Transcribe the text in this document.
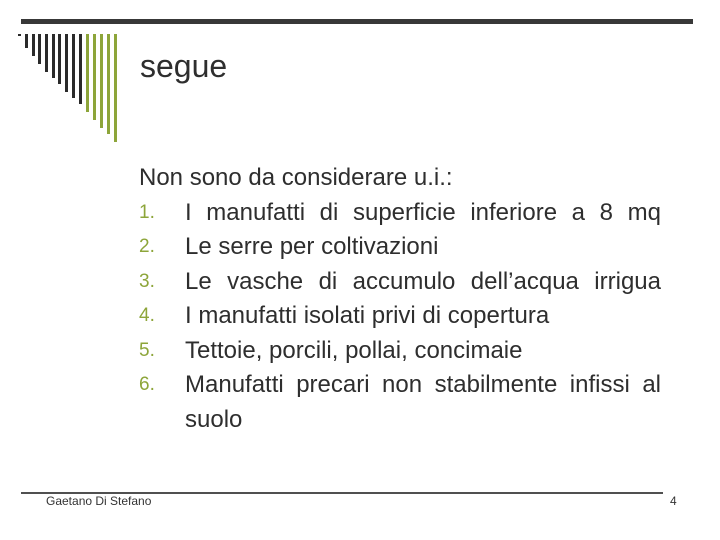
segue
Non sono da considerare u.i.:
1.	I manufatti di superficie inferiore a 8 mq
2.	Le serre per coltivazioni
3.	Le vasche di accumulo dell’acqua irrigua
4.	I manufatti isolati privi di copertura
5.	Tettoie, porcili, pollai, concimaie
6.	Manufatti precari non stabilmente infissi al suolo
Gaetano Di Stefano	4
